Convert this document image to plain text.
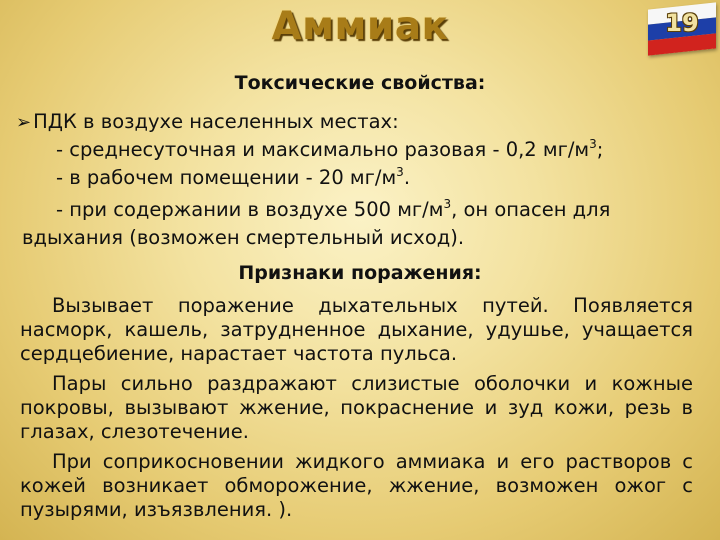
Аммиак	19
Токсические свойства:
➢ ПДК в воздухе населенных местах:
- среднесуточная и максимально разовая - 0,2 $мг/м^3$;
- в рабочем помещении - 20 $мг/м^3$.
- при содержании в воздухе 500 $мг/м^3$, он опасен для
вдыхания (возможен смертельный исход).
Признаки поражения:
Вызывает поражение дыхательных путей. Появляется насморк, кашель, затрудненное дыхание, удушье, учащается сердцебиение, нарастает частота пульса.
Пары сильно раздражают слизистые оболочки и кожные покровы, вызывают жжение, покраснение и зуд кожи, резь в глазах, слезотечение.
При соприкосновении жидкого аммиака и его растворов с кожей возникает обморожение, жжение, возможен ожог с пузырями, изъязвления. ).
